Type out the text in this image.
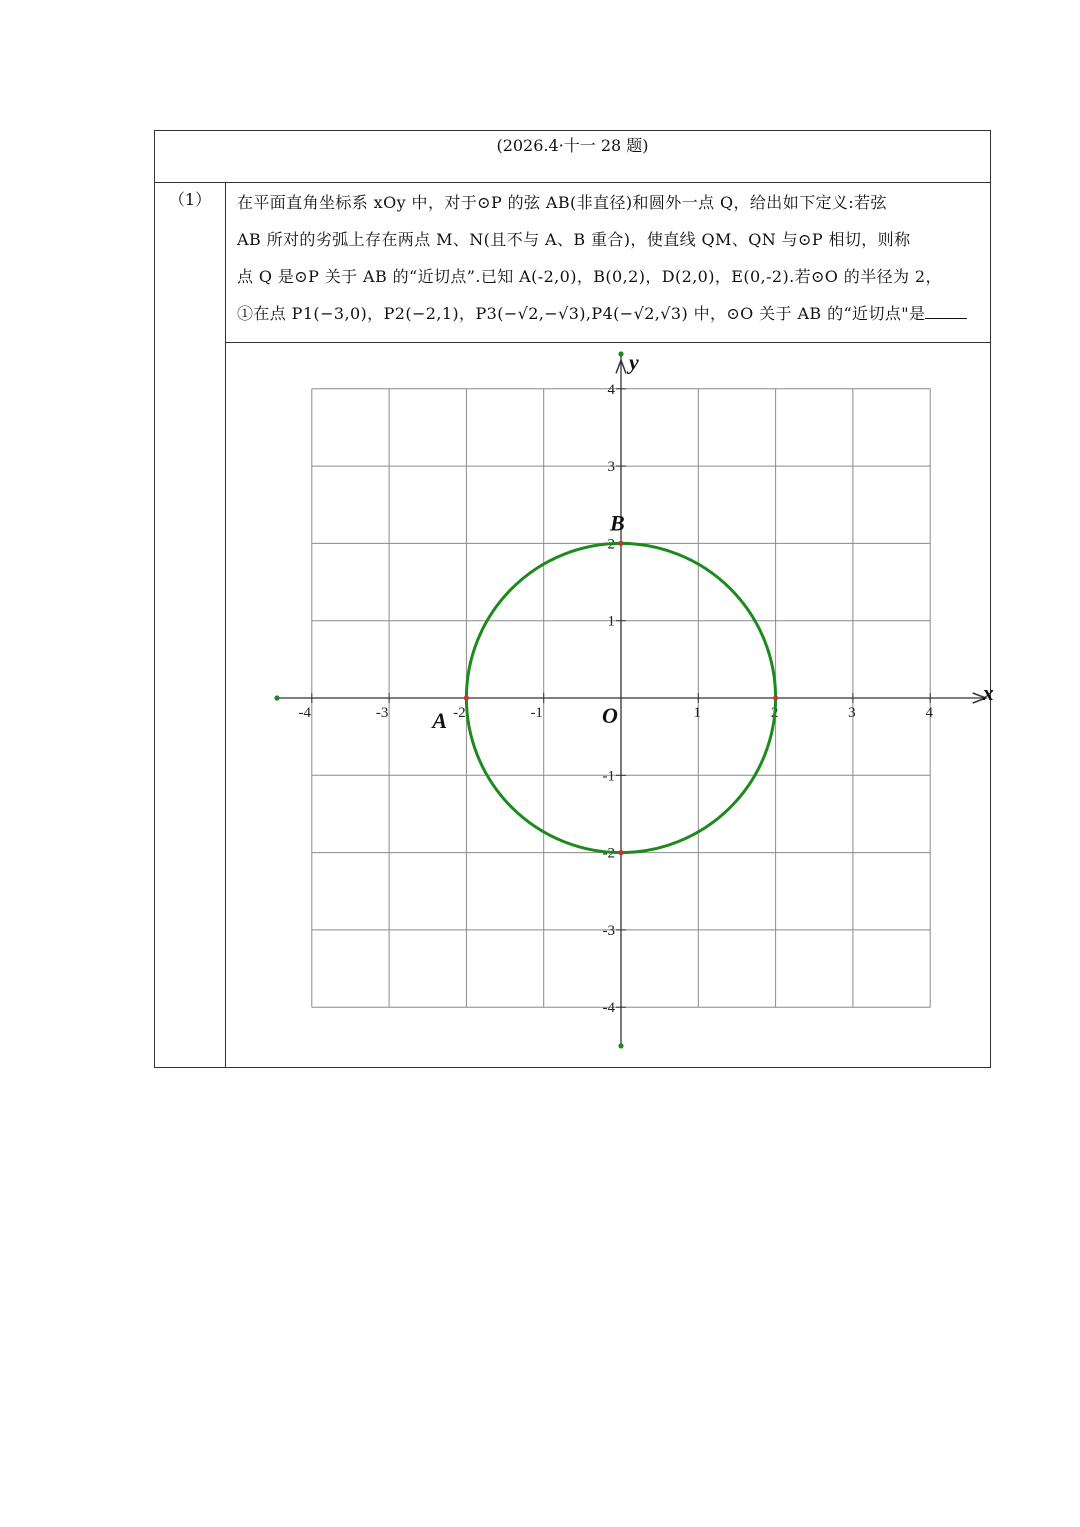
(2026.4·十一 28 题)
（1）	在平面直角坐标系 xOy 中，对于⊙P 的弦 AB(非直径)和圆外一点 Q，给出如下定义:若弦
AB 所对的劣弧上存在两点 M、N(且不与 A、B 重合)，使直线 QM、QN 与⊙P 相切，则称
点 Q 是⊙P 关于 AB 的“近切点”.已知 A(-2,0)，B(0,2)，D(2,0)，E(0,-2).若⊙O 的半径为 2，
①在点 P1(−3,0)，P2(−2,1)，P3(−√2,−√3),P4(−√2,√3) 中，⊙O 关于 AB 的“近切点"是
-4	-3	-2	-1	1	2	3	4
4
3
2
1
-1
-2
-3
-4
y
x
O
B
A
